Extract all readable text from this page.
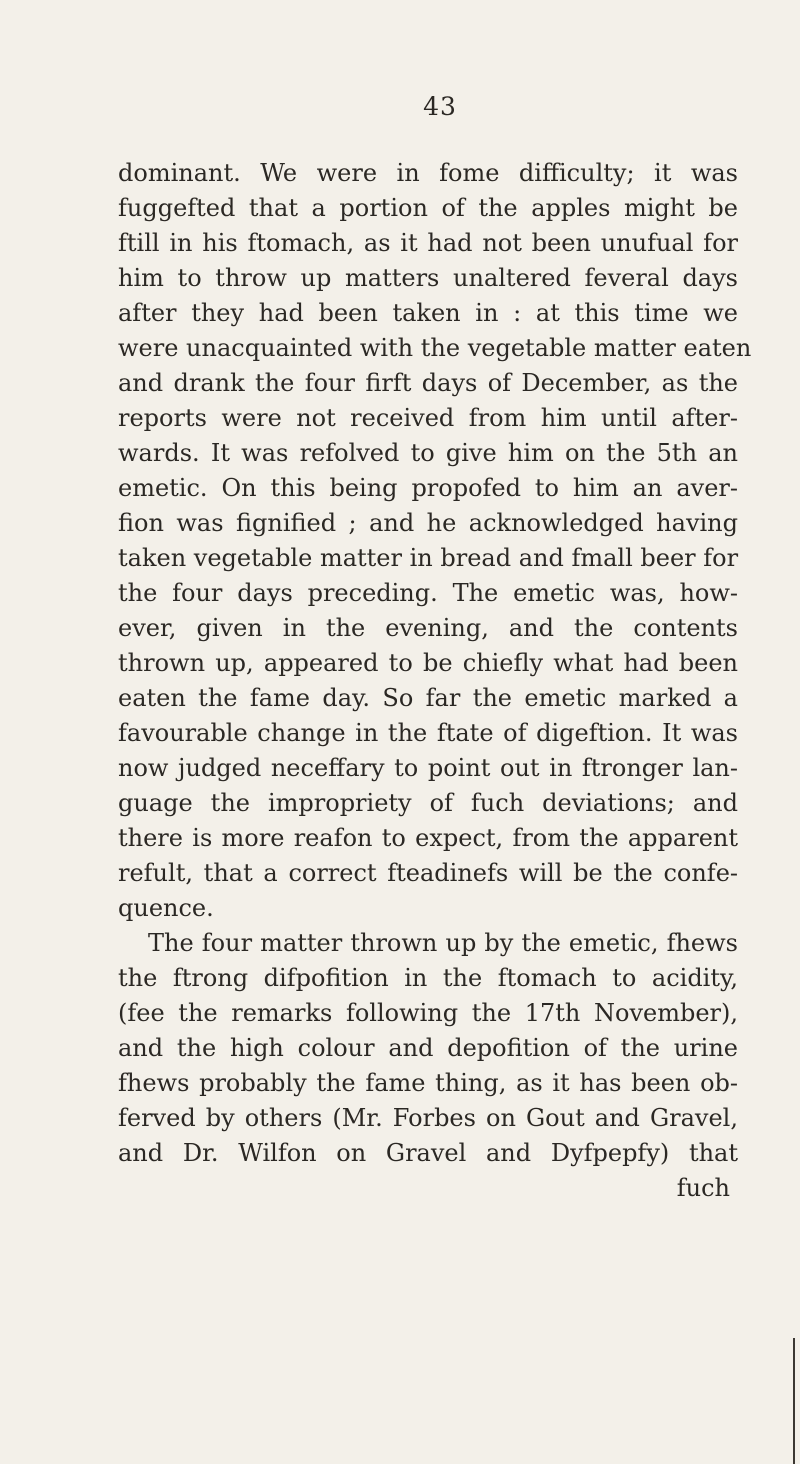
43
dominant. We were in fome difficulty; it was
fuggefted that a portion of the apples might be
ftill in his ftomach, as it had not been unufual for
him to throw up matters unaltered feveral days
after they had been taken in : at this time we
were unacquainted with the vegetable matter eaten
and drank the four firft days of December, as the
reports were not received from him until after-
wards. It was refolved to give him on the 5th an
emetic. On this being propofed to him an aver-
fion was fignified ; and he acknowledged having
taken vegetable matter in bread and fmall beer for
the four days preceding. The emetic was, how-
ever, given in the evening, and the contents
thrown up, appeared to be chiefly what had been
eaten the fame day. So far the emetic marked a
favourable change in the ftate of digeftion. It was
now judged neceffary to point out in ftronger lan-
guage the impropriety of fuch deviations; and
there is more reafon to expect, from the apparent
refult, that a correct fteadinefs will be the confe-
quence.
The four matter thrown up by the emetic, fhews
the ftrong difpofition in the ftomach to acidity,
(fee the remarks following the 17th November),
and the high colour and depofition of the urine
fhews probably the fame thing, as it has been ob-
ferved by others (Mr. Forbes on Gout and Gravel,
and Dr. Wilfon on Gravel and Dyfpepfy) that
fuch
